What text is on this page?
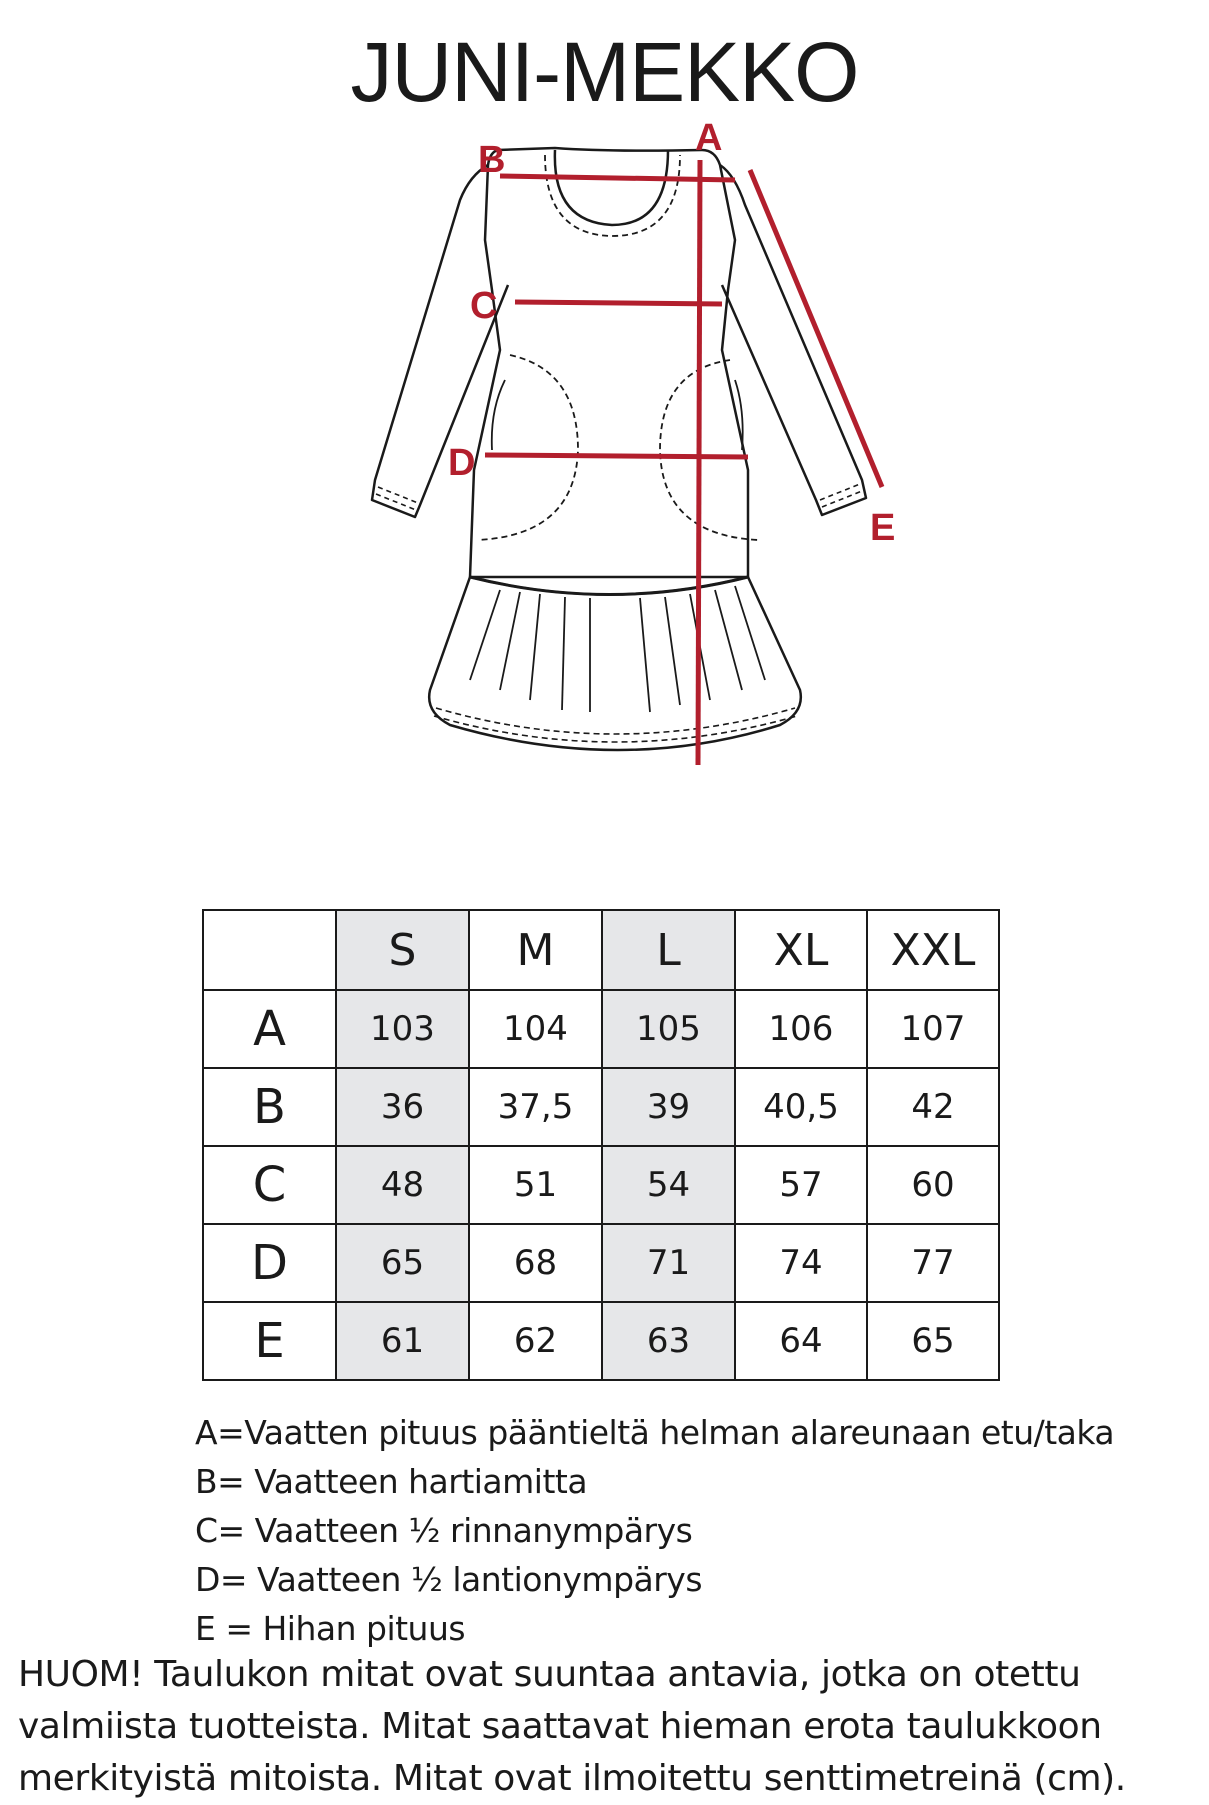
JUNI-MEKKO
A
B
C
D
E
	S	M	L	XL	XXL
A	103	104	105	106	107
B	36	37,5	39	40,5	42
C	48	51	54	57	60
D	65	68	71	74	77
E	61	62	63	64	65
A=Vaatten pituus pääntieltä helman alareunaan etu/taka
B= Vaatteen hartiamitta
C= Vaatteen ½ rinnanympärys
D= Vaatteen ½ lantionympärys
E = Hihan pituus
HUOM! Taulukon mitat ovat suuntaa antavia, jotka on otettu
valmiista tuotteista. Mitat saattavat hieman erota taulukkoon
merkityistä mitoista. Mitat ovat ilmoitettu senttimetreinä (cm).
